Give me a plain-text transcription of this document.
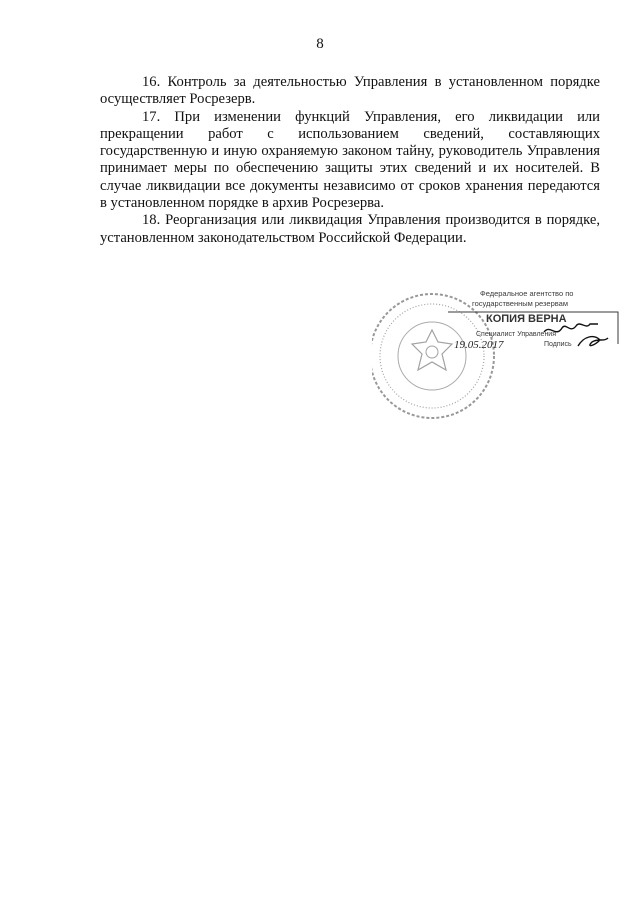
8

16. Контроль за деятельностью Управления в установленном порядке осуществляет Росрезерв.

17. При изменении функций Управления, его ликвидации или прекращении работ с использованием сведений, составляющих государственную и иную охраняемую законом тайну, руководитель Управления принимает меры по обеспечению защиты этих сведений и их носителей. В случае ликвидации все документы независимо от сроков хранения передаются в установленном порядке в архив Росрезерва.

18. Реорганизация или ликвидация Управления производится в порядке, установленном законодательством Российской Федерации.

Федеральное агентство по
государственным резервам
КОПИЯ ВЕРНА
Специалист Управления
19.05.2017	Подпись
